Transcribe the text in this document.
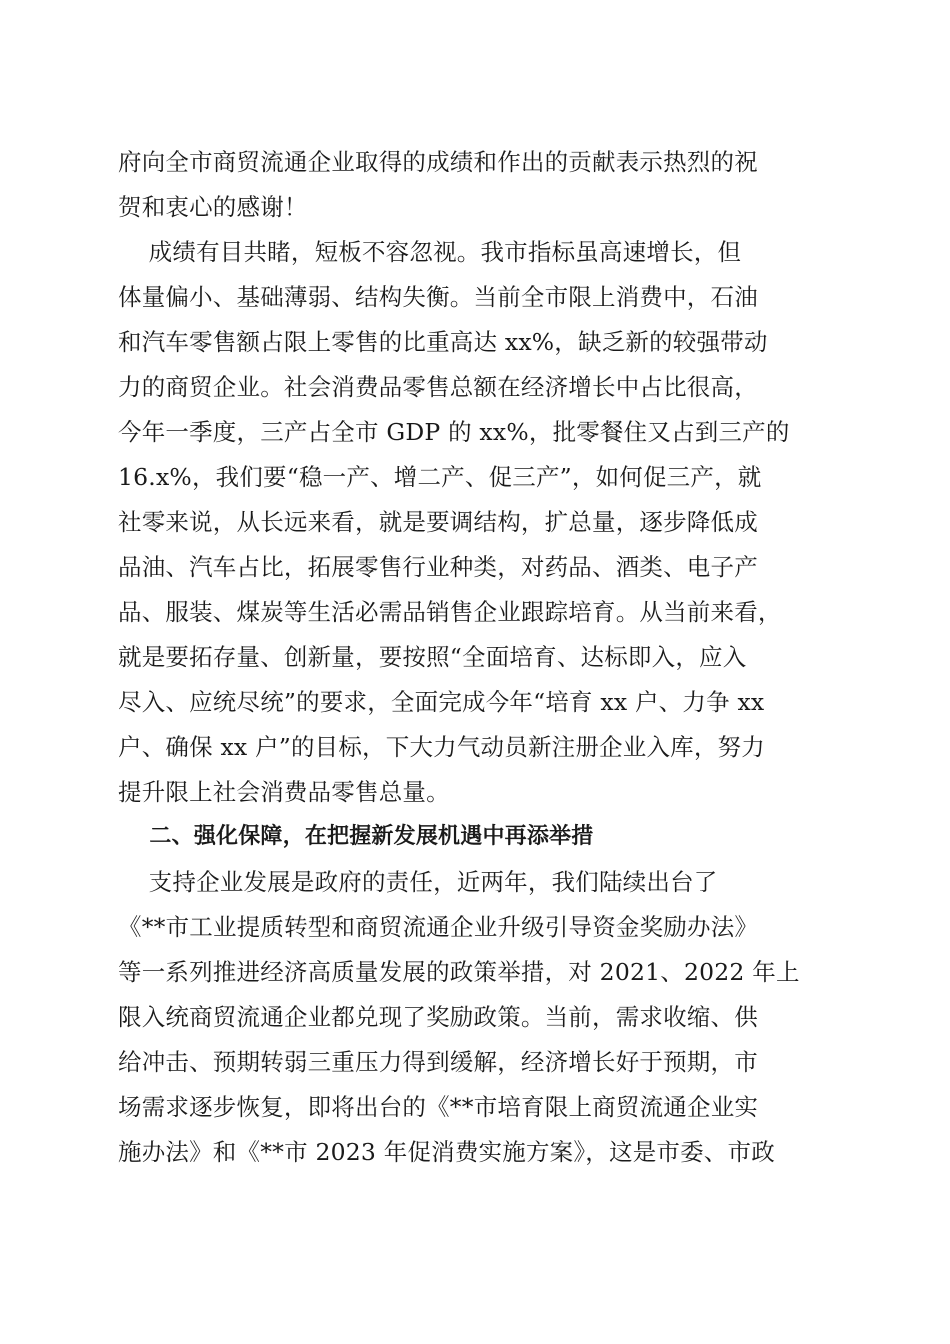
府向全市商贸流通企业取得的成绩和作出的贡献表示热烈的祝
贺和衷心的感谢！
成绩有目共睹，短板不容忽视。我市指标虽高速增长，但
体量偏小、基础薄弱、结构失衡。当前全市限上消费中，石油
和汽车零售额占限上零售的比重高达 xx%，缺乏新的较强带动
力的商贸企业。社会消费品零售总额在经济增长中占比很高，
今年一季度，三产占全市 GDP 的 xx%，批零餐住又占到三产的
16.x%，我们要“稳一产、增二产、促三产”，如何促三产，就
社零来说，从长远来看，就是要调结构，扩总量，逐步降低成
品油、汽车占比，拓展零售行业种类，对药品、酒类、电子产
品、服装、煤炭等生活必需品销售企业跟踪培育。从当前来看，
就是要拓存量、创新量，要按照“全面培育、达标即入，应入
尽入、应统尽统”的要求，全面完成今年“培育 xx 户、力争 xx
户、确保 xx 户”的目标，下大力气动员新注册企业入库，努力
提升限上社会消费品零售总量。
二、强化保障，在把握新发展机遇中再添举措
支持企业发展是政府的责任，近两年，我们陆续出台了
《**市工业提质转型和商贸流通企业升级引导资金奖励办法》
等一系列推进经济高质量发展的政策举措，对 2021、2022 年上
限入统商贸流通企业都兑现了奖励政策。当前，需求收缩、供
给冲击、预期转弱三重压力得到缓解，经济增长好于预期，市
场需求逐步恢复，即将出台的《**市培育限上商贸流通企业实
施办法》和《**市 2023 年促消费实施方案》，这是市委、市政
